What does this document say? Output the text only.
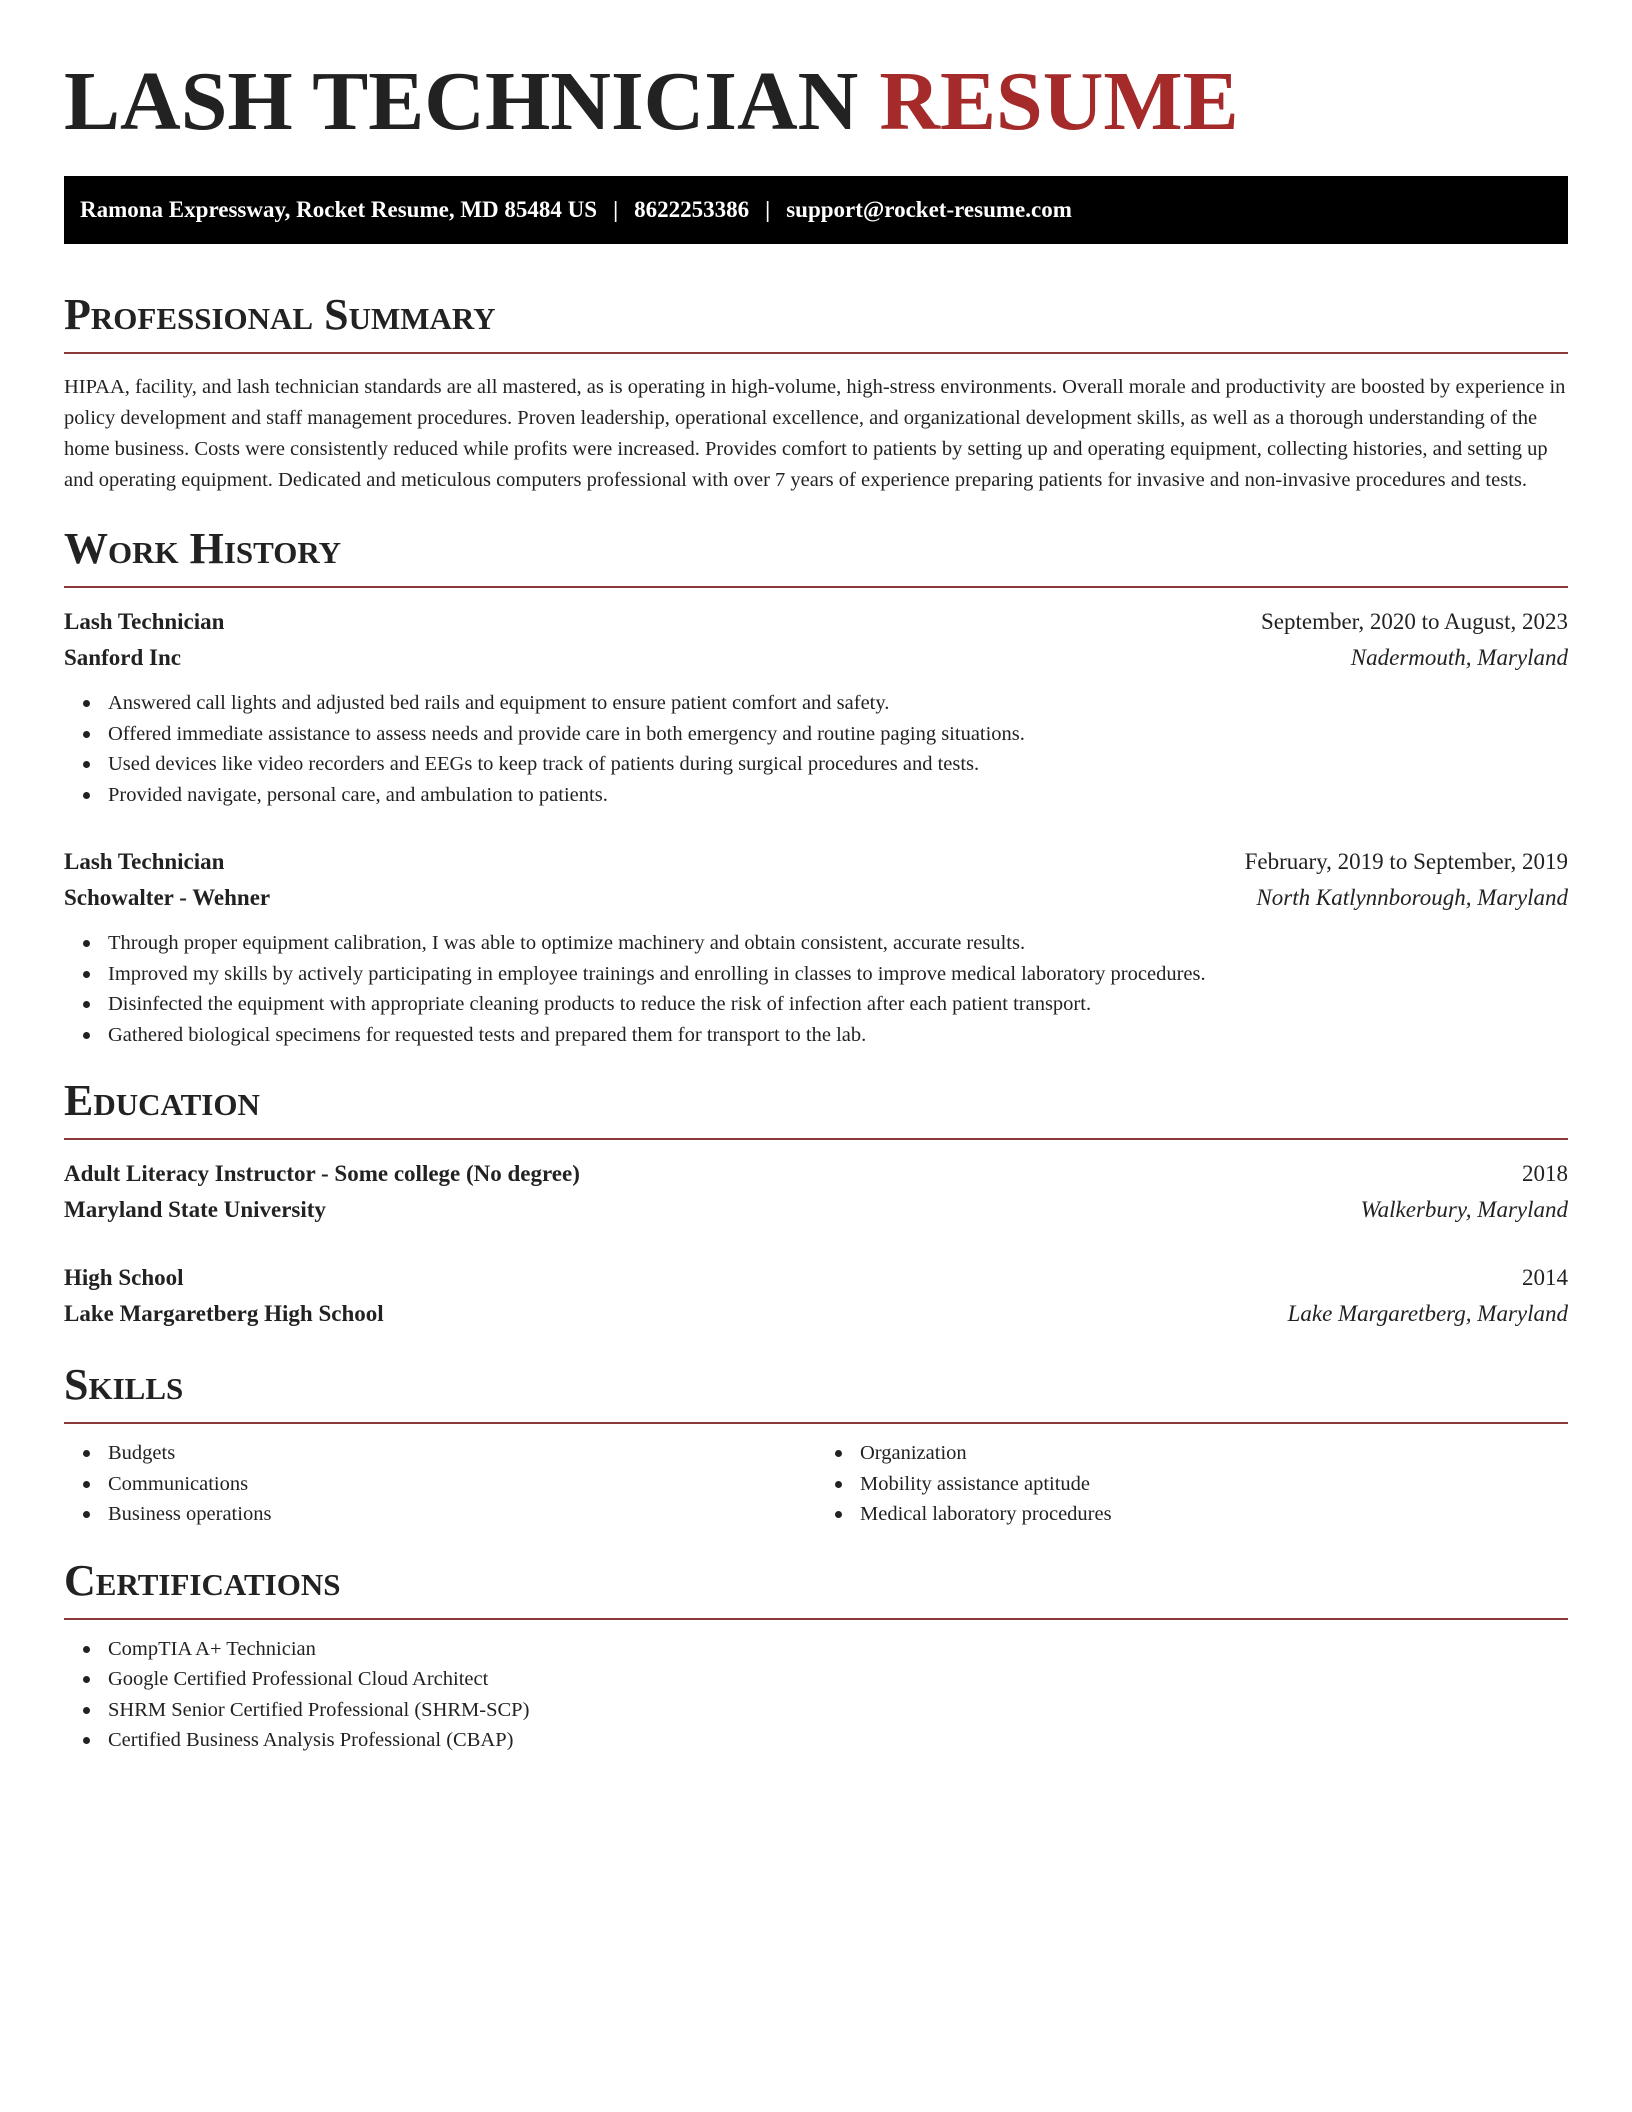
LASH TECHNICIAN RESUME
Ramona Expressway, Rocket Resume, MD 85484 US | 8622253386 | support@rocket-resume.com
Professional Summary

HIPAA, facility, and lash technician standards are all mastered, as is operating in high-volume, high-stress environments. Overall morale and productivity are boosted by experience in policy development and staff management procedures. Proven leadership, operational excellence, and organizational development skills, as well as a thorough understanding of the home business. Costs were consistently reduced while profits were increased. Provides comfort to patients by setting up and operating equipment, collecting histories, and setting up and operating equipment. Dedicated and meticulous computers professional with over 7 years of experience preparing patients for invasive and non-invasive procedures and tests.

Work History
Lash Technician	September, 2020 to August, 2023
Sanford Inc	Nadermouth, Maryland
Answered call lights and adjusted bed rails and equipment to ensure patient comfort and safety.
Offered immediate assistance to assess needs and provide care in both emergency and routine paging situations.
Used devices like video recorders and EEGs to keep track of patients during surgical procedures and tests.
Provided navigate, personal care, and ambulation to patients.
Lash Technician	February, 2019 to September, 2019
Schowalter - Wehner	North Katlynnborough, Maryland
Through proper equipment calibration, I was able to optimize machinery and obtain consistent, accurate results.
Improved my skills by actively participating in employee trainings and enrolling in classes to improve medical laboratory procedures.
Disinfected the equipment with appropriate cleaning products to reduce the risk of infection after each patient transport.
Gathered biological specimens for requested tests and prepared them for transport to the lab.
Education
Adult Literacy Instructor - Some college (No degree)	2018
Maryland State University	Walkerbury, Maryland
High School	2014
Lake Margaretberg High School	Lake Margaretberg, Maryland
Skills
Budgets
Communications
Business operations
Organization
Mobility assistance aptitude
Medical laboratory procedures
Certifications
CompTIA A+ Technician
Google Certified Professional Cloud Architect
SHRM Senior Certified Professional (SHRM-SCP)
Certified Business Analysis Professional (CBAP)
